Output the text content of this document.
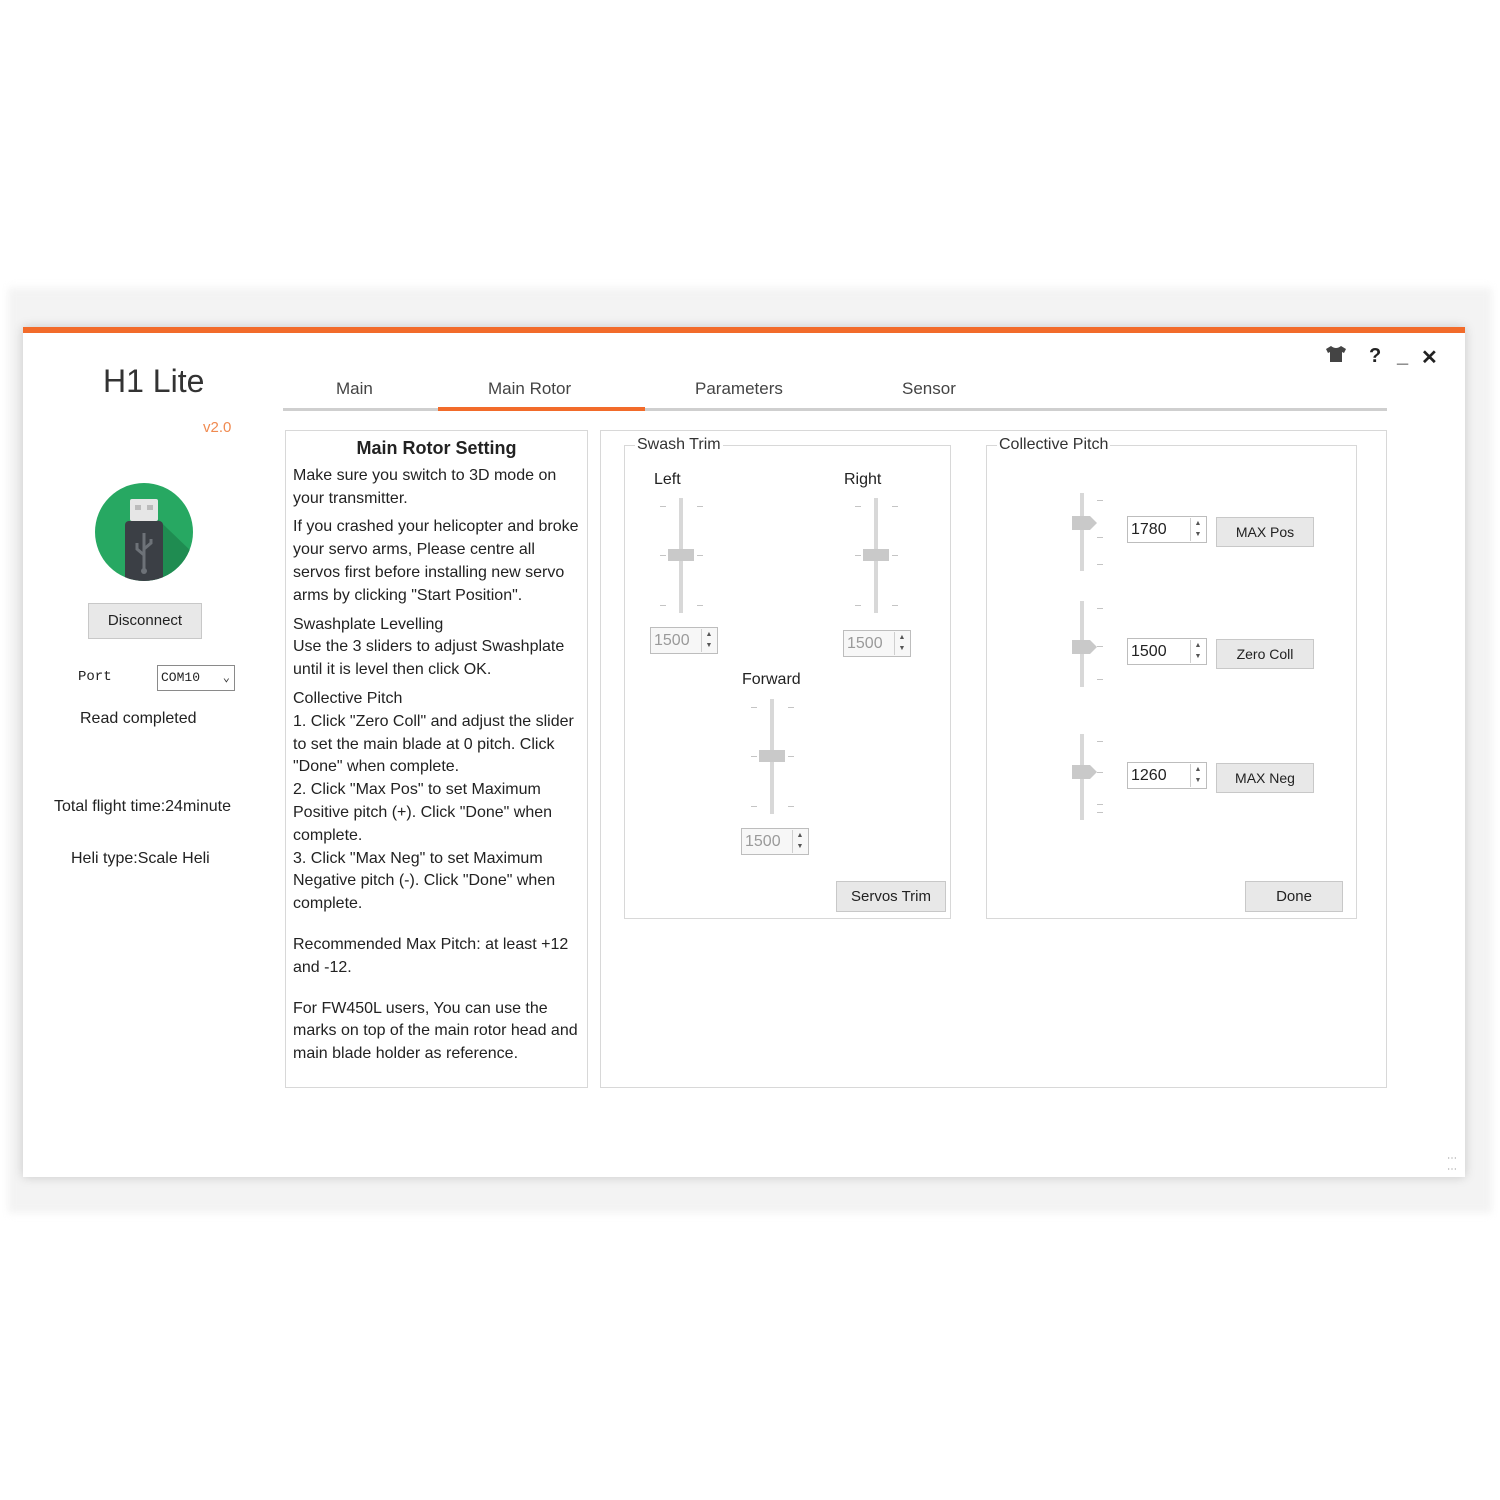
? _ ✕
H1 Lite
v2.0
Disconnect
Port	COM10 ⌄
Read completed
Total flight time:24minute
Heli type:Scale Heli
Main	Main Rotor	Parameters	Sensor
Main Rotor Setting

Make sure you switch to 3D mode on your transmitter.

If you crashed your helicopter and broke your servo arms, Please centre all servos first before installing new servo arms by clicking "Start Position".

Swashplate Levelling

Use the 3 sliders to adjust Swashplate until it is level then click OK.

Collective Pitch
1. Click "Zero Coll" and adjust the slider to set the main blade at 0 pitch. Click "Done" when complete.
2. Click "Max Pos" to set Maximum Positive pitch (+). Click "Done" when complete.
3. Click "Max Neg" to set Maximum Negative pitch (-). Click "Done" when complete.

Recommended Max Pitch: at least +12 and -12.

For FW450L users, You can use the marks on top of the main rotor head and main blade holder as reference.

Swash Trim
Left
1500	▲
▼
Right
1500	▲
▼
Forward
1500	▲
▼
Servos Trim
Collective Pitch
1780	▲
▼	MAX Pos
1500	▲
▼	Zero Coll
1260	▲
▼	MAX Neg
Done
⋯
⋯
